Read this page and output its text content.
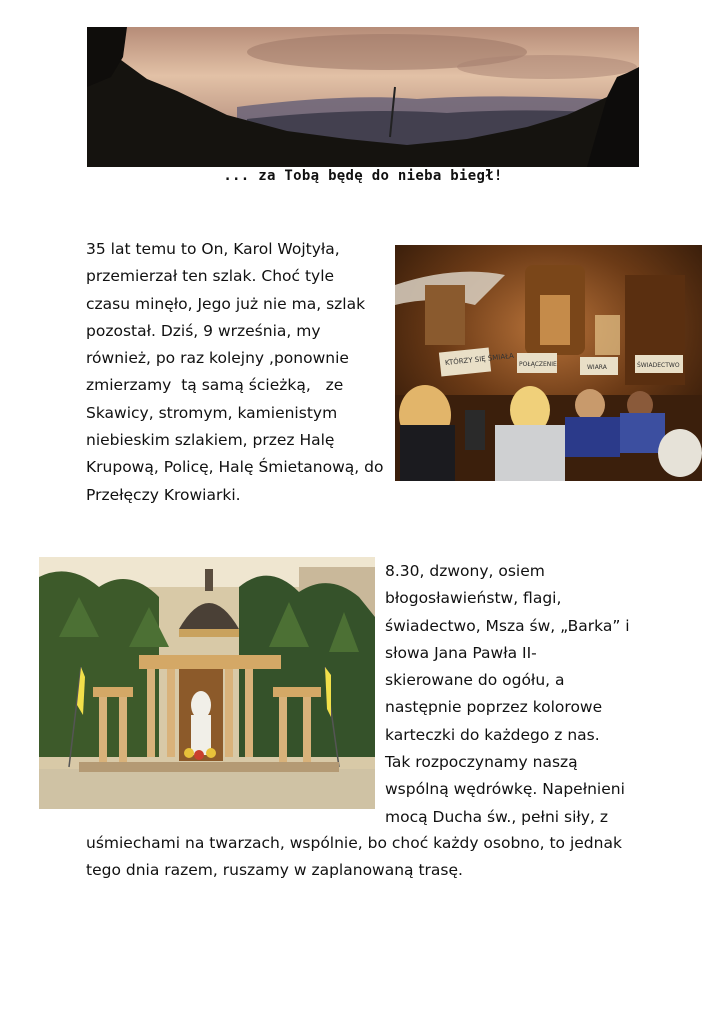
... za Tobą będę do nieba biegł!

35 lat temu to On, Karol Wojtyła,
przemierzał ten szlak. Choć tyle
czasu minęło, Jego już nie ma, szlak
pozostał. Dziś, 9 września, my
również, po raz kolejny ,ponownie
zmierzamy  tą samą ścieżką,   ze
Skawicy, stromym, kamienistym
niebieskim szlakiem, przez Halę
Krupową, Policę, Halę Śmietanową, do
Przełęczy Krowiarki.

KTÓRZY SIĘ ŚMIAŁA POŁĄCZENIE	WIARA	ŚWIADECTWO

8.30, dzwony, osiem
błogosławieństw, flagi,
świadectwo, Msza św, „Barka” i
słowa Jana Pawła II-
skierowane do ogółu, a
następnie poprzez kolorowe
karteczki do każdego z nas.
Tak rozpoczynamy naszą
wspólną wędrówkę. Napełnieni
mocą Ducha św., pełni siły, z

uśmiechami na twarzach, wspólnie, bo choć każdy osobno, to jednak
tego dnia razem, ruszamy w zaplanowaną trasę.
